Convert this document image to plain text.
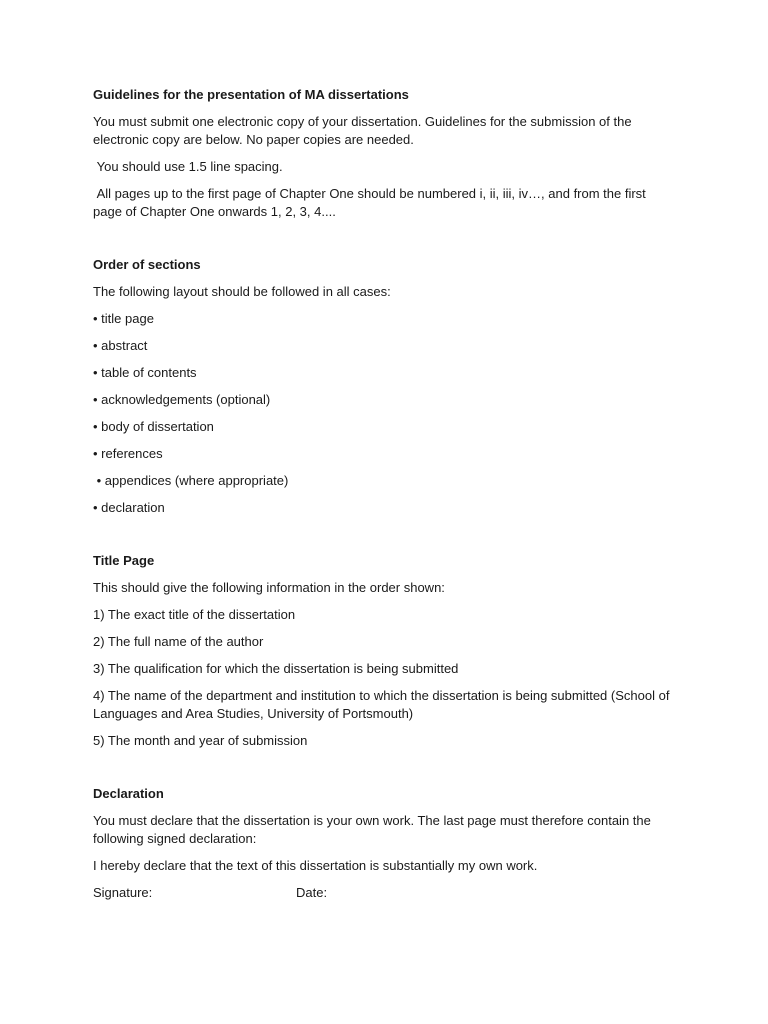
Guidelines for the presentation of MA dissertations

You must submit one electronic copy of your dissertation. Guidelines for the submission of the electronic copy are below. No paper copies are needed.

You should use 1.5 line spacing.

All pages up to the first page of Chapter One should be numbered i, ii, iii, iv…, and from the first page of Chapter One onwards 1, 2, 3, 4....

Order of sections

The following layout should be followed in all cases:

• title page

• abstract

• table of contents

• acknowledgements (optional)

• body of dissertation

• references

• appendices (where appropriate)

• declaration

Title Page

This should give the following information in the order shown:

1) The exact title of the dissertation

2) The full name of the author

3) The qualification for which the dissertation is being submitted

4) The name of the department and institution to which the dissertation is being submitted (School of Languages and Area Studies, University of Portsmouth)

5) The month and year of submission

Declaration

You must declare that the dissertation is your own work. The last page must therefore contain the following signed declaration:

I hereby declare that the text of this dissertation is substantially my own work.

Signature:	Date:
